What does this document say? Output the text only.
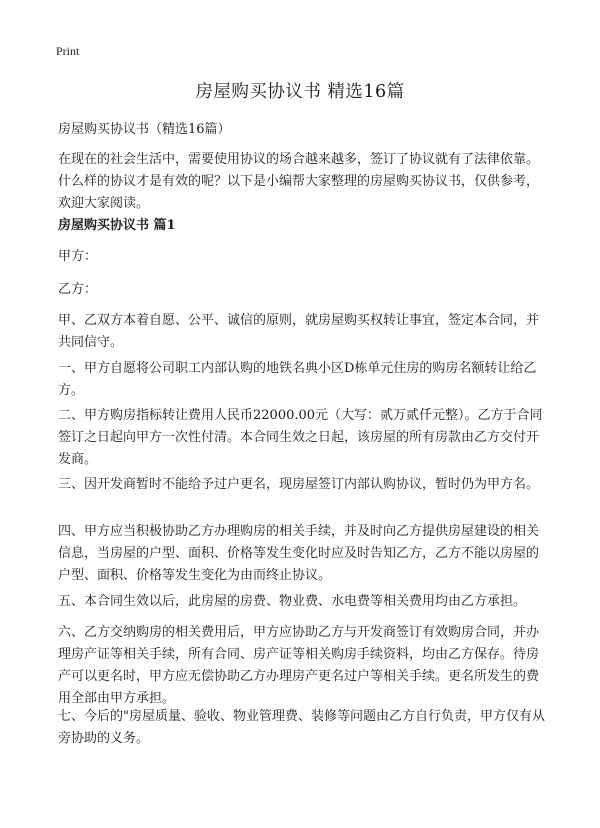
Print
房屋购买协议书 精选16篇

房屋购买协议书（精选16篇）

在现在的社会生活中，需要使用协议的场合越来越多，签订了协议就有了法律依靠。什么样的协议才是有效的呢？以下是小编帮大家整理的房屋购买协议书，仅供参考，欢迎大家阅读。

房屋购买协议书 篇1

甲方：

乙方：

甲、乙双方本着自愿、公平、诚信的原则，就房屋购买权转让事宜，签定本合同，并共同信守。

一、甲方自愿将公司职工内部认购的地铁名典小区D栋单元住房的购房名额转让给乙方。

二、甲方购房指标转让费用人民币22000.00元（大写：贰万贰仟元整）。乙方于合同签订之日起向甲方一次性付清。本合同生效之日起，该房屋的所有房款由乙方交付开发商。

三、因开发商暂时不能给予过户更名，现房屋签订内部认购协议，暂时仍为甲方名。

四、甲方应当积极协助乙方办理购房的相关手续，并及时向乙方提供房屋建设的相关信息，当房屋的户型、面积、价格等发生变化时应及时告知乙方，乙方不能以房屋的户型、面积、价格等发生变化为由而终止协议。

五、本合同生效以后，此房屋的房费、物业费、水电费等相关费用均由乙方承担。

六、乙方交纳购房的相关费用后，甲方应协助乙方与开发商签订有效购房合同，并办理房产证等相关手续，所有合同、房产证等相关购房手续资料，均由乙方保存。待房产可以更名时，甲方应无偿协助乙方办理房产更名过户等相关手续。更名所发生的费用全部由甲方承担。

七、今后的"房屋质量、验收、物业管理费、装修等问题由乙方自行负责，甲方仅有从旁协助的义务。
